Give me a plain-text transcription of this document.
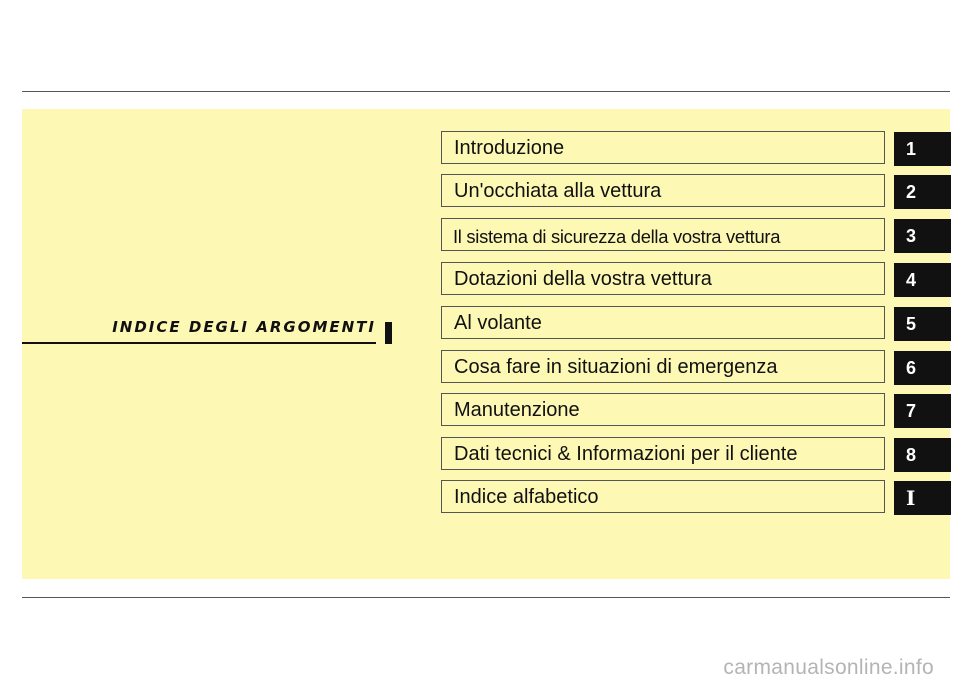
INDICE DEGLI ARGOMENTI
Introduzione	1
Un'occhiata alla vettura	2
Il sistema di sicurezza della vostra vettura	3
Dotazioni della vostra vettura	4
Al volante	5
Cosa fare in situazioni di emergenza	6
Manutenzione	7
Dati tecnici & Informazioni per il cliente	8
Indice alfabetico	I
carmanualsonline.info
